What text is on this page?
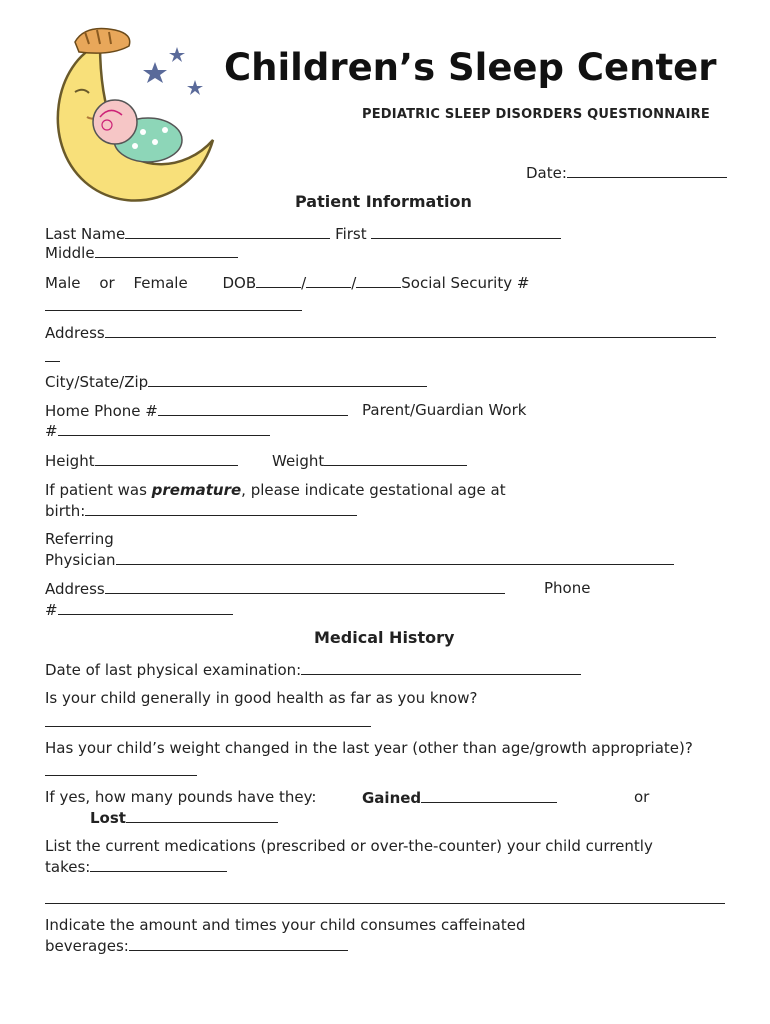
Children’s Sleep Center
PEDIATRIC SLEEP DISORDERS QUESTIONNAIRE
Date:
Patient Information
Last Name	First
Middle
Male or Female DOB	/	/	Social Security #
Address
City/State/Zip
Home Phone #	Parent/Guardian Work
#
Height	Weight
If patient was premature, please indicate gestational age at
birth:
Referring
Physician
Address	Phone
#
Medical History
Date of last physical examination:
Is your child generally in good health as far as you know?
Has your child’s weight changed in the last year (other than age/growth appropriate)?
If yes, how many pounds have they:	Gained	or
Lost
List the current medications (prescribed or over-the-counter) your child currently
takes:
Indicate the amount and times your child consumes caffeinated
beverages:
